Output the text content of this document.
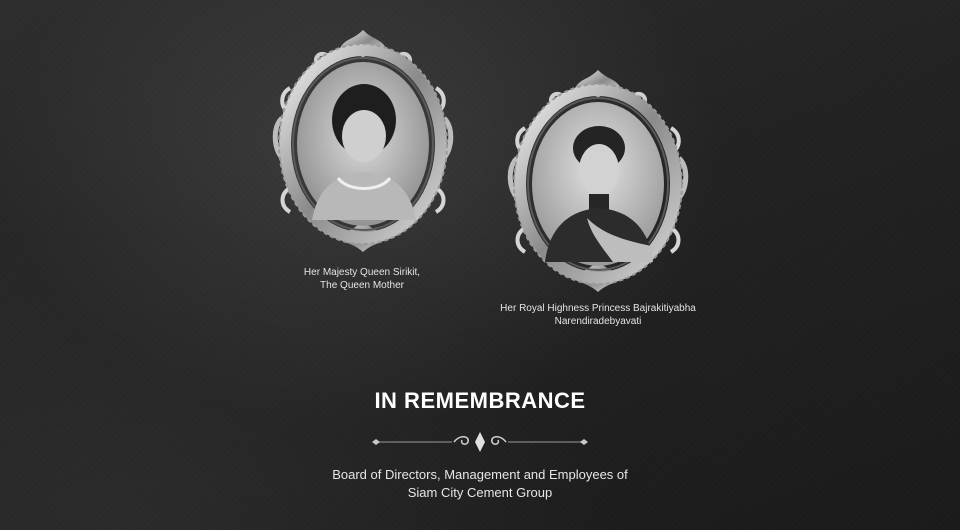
Her Majesty Queen Sirikit,
The Queen Mother
Her Royal Highness Princess Bajrakitiyabha
Narendiradebyavati
IN REMEMBRANCE
Board of Directors, Management and Employees of
Siam City Cement Group
